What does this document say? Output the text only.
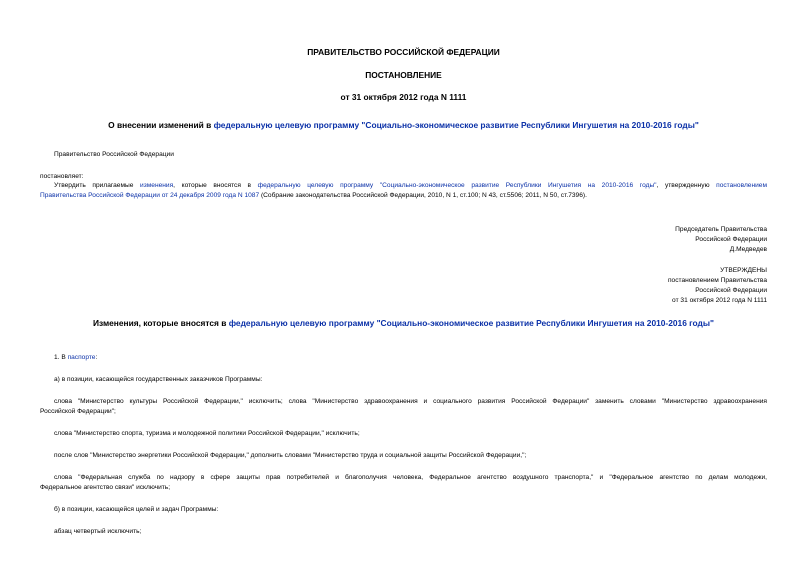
ПРАВИТЕЛЬСТВО РОССИЙСКОЙ ФЕДЕРАЦИИ
ПОСТАНОВЛЕНИЕ
от 31 октября 2012 года N 1111
О внесении изменений в федеральную целевую программу "Социально-экономическое развитие Республики Ингушетия на 2010-2016 годы"
Правительство Российской Федерации
постановляет:
Утвердить прилагаемые изменения, которые вносятся в федеральную целевую программу "Социально-экономическое развитие Республики Ингушетия на 2010-2016 годы", утвержденную постановлением
Правительства Российской Федерации от 24 декабря 2009 года N 1087 (Собрание законодательства Российской Федерации, 2010, N 1, ст.100; N 43, ст.5506; 2011, N 50, ст.7396).
Председатель Правительства
Российской Федерации
Д.Медведев
УТВЕРЖДЕНЫ
постановлением Правительства
Российской Федерации
от 31 октября 2012 года N 1111
Изменения, которые вносятся в федеральную целевую программу "Социально-экономическое развитие Республики Ингушетия на 2010-2016 годы"
1. В паспорте:
а) в позиции, касающейся государственных заказчиков Программы:
слова "Министерство культуры Российской Федерации," исключить; слова "Министерство здравоохранения и социального развития Российской Федерации" заменить словами "Министерство здравоохранения
Российской Федерации";
слова "Министерство спорта, туризма и молодежной политики Российской Федерации," исключить;
после слов "Министерство энергетики Российской Федерации," дополнить словами "Министерство труда и социальной защиты Российской Федерации,";
слова "Федеральная служба по надзору в сфере защиты прав потребителей и благополучия человека, Федеральное агентство воздушного транспорта," и "Федеральное агентство по делам молодежи,
Федеральное агентство связи" исключить;
б) в позиции, касающейся целей и задач Программы:
абзац четвертый исключить;
